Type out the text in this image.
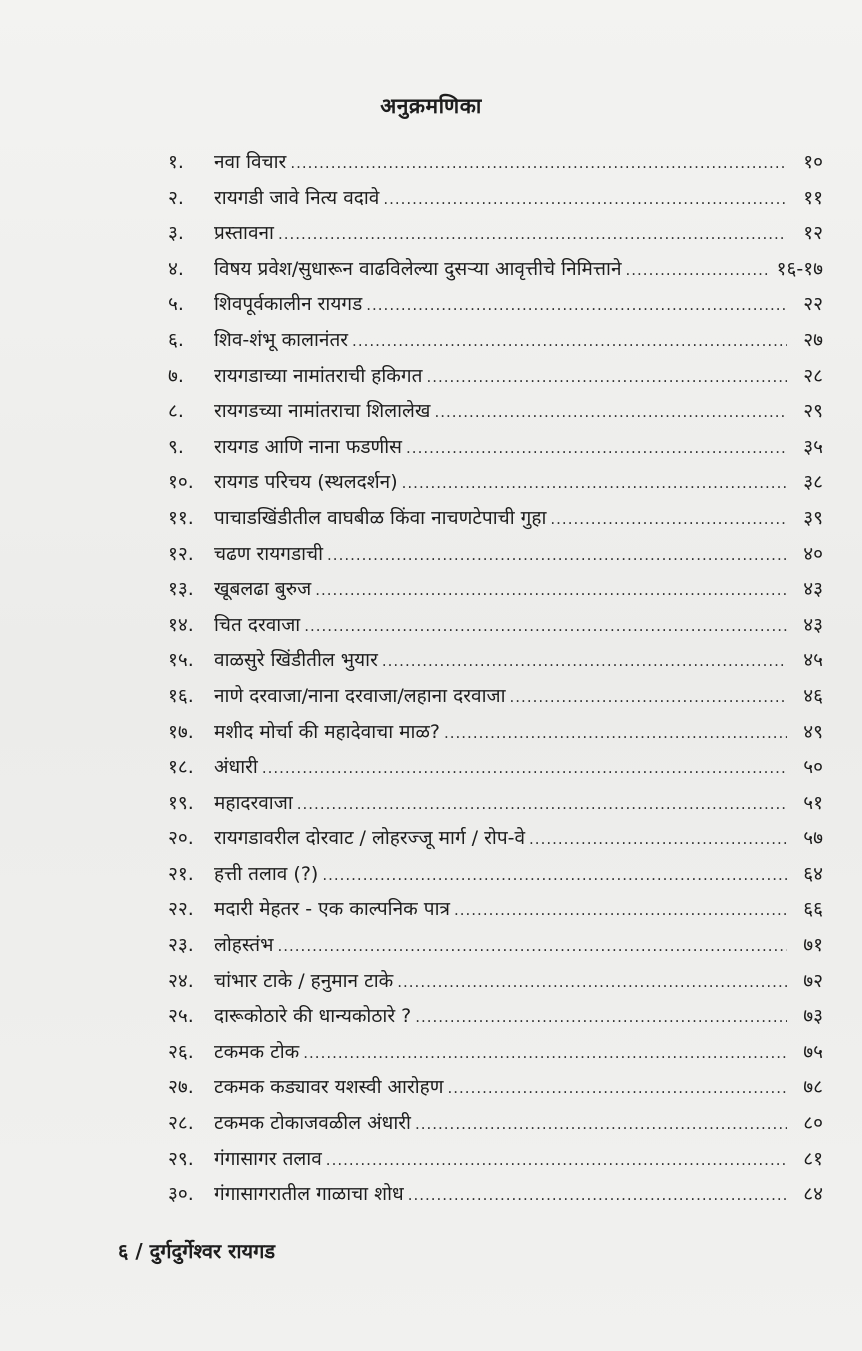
अनुक्रमणिका
१.	नवा विचार .....	१०
२.	रायगडी जावे नित्य वदावे .....	११
३.	प्रस्तावना .....	१२
४.	विषय प्रवेश/सुधारून वाढविलेल्या दुसऱ्या आवृत्तीचे निमित्ताने .....	१६-१७
५.	शिवपूर्वकालीन रायगड .....	२२
६.	शिव-शंभू कालानंतर .....	२७
७.	रायगडाच्या नामांतराची हकिगत .....	२८
८.	रायगडच्या नामांतराचा शिलालेख .....	२९
९.	रायगड आणि नाना फडणीस .....	३५
१०.	रायगड परिचय (स्थलदर्शन) .....	३८
११.	पाचाडखिंडीतील वाघबीळ किंवा नाचणटेपाची गुहा .....	३९
१२.	चढण रायगडाची .....	४०
१३.	खूबलढा बुरुज .....	४३
१४.	चित दरवाजा .....	४३
१५.	वाळसुरे खिंडीतील भुयार .....	४५
१६.	नाणे दरवाजा/नाना दरवाजा/लहाना दरवाजा .....	४६
१७.	मशीद मोर्चा की महादेवाचा माळ? .....	४९
१८.	अंधारी .....	५०
१९.	महादरवाजा .....	५१
२०.	रायगडावरील दोरवाट / लोहरज्जू मार्ग / रोप-वे .....	५७
२१.	हत्ती तलाव (?) .....	६४
२२.	मदारी मेहतर - एक काल्पनिक पात्र .....	६६
२३.	लोहस्तंभ .....	७१
२४.	चांभार टाके / हनुमान टाके .....	७२
२५.	दारूकोठारे की धान्यकोठारे ? .....	७३
२६.	टकमक टोक .....	७५
२७.	टकमक कड्यावर यशस्वी आरोहण .....	७८
२८.	टकमक टोकाजवळील अंधारी .....	८०
२९.	गंगासागर तलाव .....	८१
३०.	गंगासागरातील गाळाचा शोध .....	८४
६ / दुर्गदुर्गेश्वर रायगड
